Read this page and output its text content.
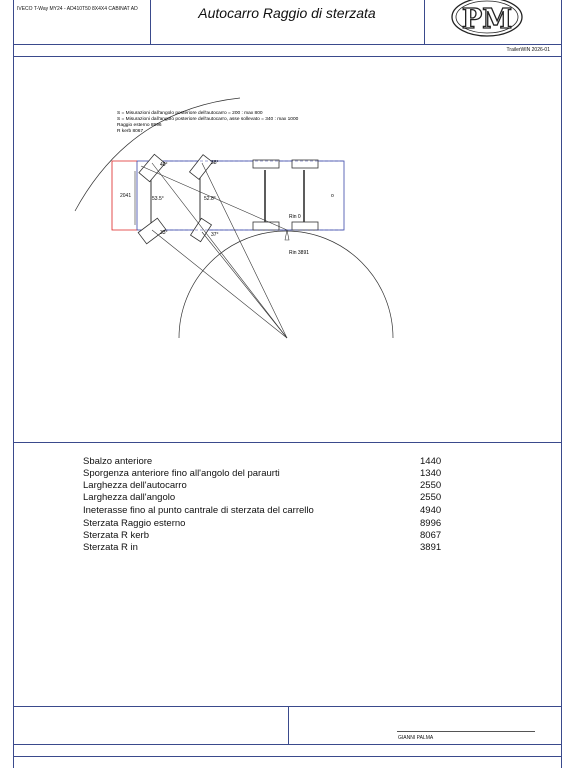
IVECO T-Way MY24 - AD410T50 8X4X4 CABINAT AD	Autocarro Raggio di sterzata	PM
TrailerWIN 2026-01
2041
40°	38°
53.5°	52.8°
33°	37°
Rin 0
Rin 3891
o
S = Misurazioni dall'angolo posteriore dell'autocarro = 200 : max 800
S = Misurazioni dall'angolo posteriore dell'autocarro, asse sollevato = 340 : max 1000
Raggio esterno 8996
R kerb 8067
Sbalzo anteriore	1440
Sporgenza anteriore fino all'angolo del paraurti	1340
Larghezza dell'autocarro	2550
Larghezza dall'angolo	2550
Ineterasse fino al punto cantrale di sterzata del carrello	4940
Sterzata Raggio esterno	8996
Sterzata R kerb	8067
Sterzata R in	3891
GIANNI PALMA
